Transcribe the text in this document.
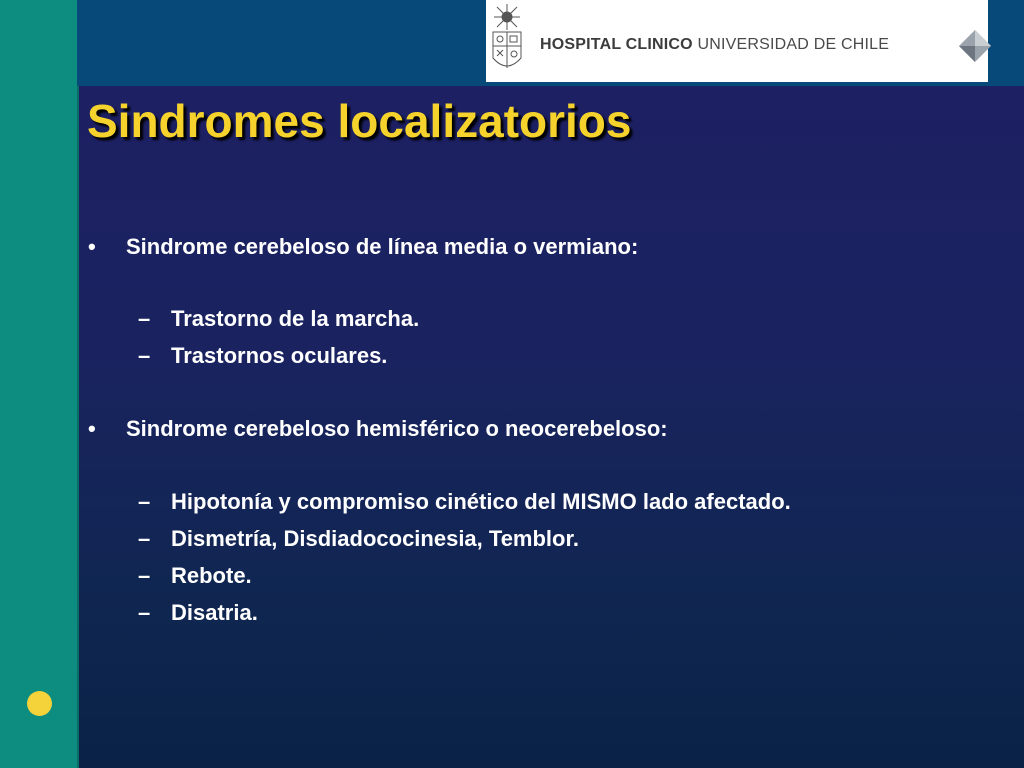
HOSPITAL CLINICO UNIVERSIDAD DE CHILE
Sindromes localizatorios
• Sindrome cerebeloso de línea media o vermiano:
– Trastorno de la marcha.
– Trastornos oculares.
• Sindrome cerebeloso hemisférico o neocerebeloso:
– Hipotonía y compromiso cinético del MISMO lado afectado.
– Dismetría, Disdiadococinesia, Temblor.
– Rebote.
– Disatria.
